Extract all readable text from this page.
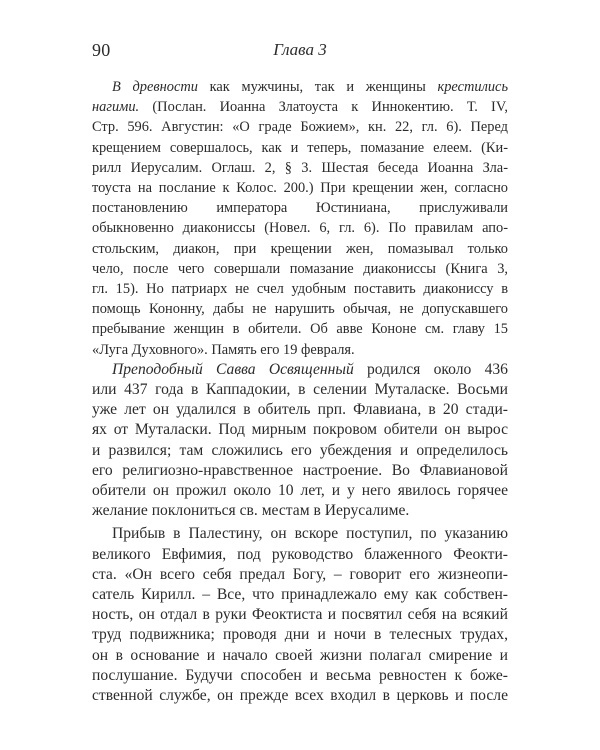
90	Глава 3
В древности как мужчины, так и женщины крестились
нагими. (Послан. Иоанна Златоуста к Иннокентию. Т. IV,
Стр. 596. Августин: «О граде Божием», кн. 22, гл. 6). Перед
крещением совершалось, как и теперь, помазание елеем. (Ки-
рилл Иерусалим. Оглаш. 2, § 3. Шестая беседа Иоанна Зла-
тоуста на послание к Колос. 200.) При крещении жен, согласно
постановлению императора Юстиниана, прислуживали
обыкновенно диакониссы (Новел. 6, гл. 6). По правилам апо-
стольским, диакон, при крещении жен, помазывал только
чело, после чего совершали помазание диакониссы (Книга 3,
гл. 15). Но патриарх не счел удобным поставить диакониссу в
помощь Кононну, дабы не нарушить обычая, не допускавшего
пребывание женщин в обители. Об авве Кононе см. главу 15
«Луга Духовного». Память его 19 февраля.
Преподобный Савва Освященный родился около 436
или 437 года в Каппадокии, в селении Муталаске. Восьми
уже лет он удалился в обитель прп. Флавиана, в 20 стади-
ях от Муталаски. Под мирным покровом обители он вырос
и развился; там сложились его убеждения и определилось
его религиозно-нравственное настроение. Во Флавиановой
обители он прожил около 10 лет, и у него явилось горячее
желание поклониться св. местам в Иерусалиме.
Прибыв в Палестину, он вскоре поступил, по указанию
великого Евфимия, под руководство блаженного Феокти-
ста. «Он всего себя предал Богу, – говорит его жизнеопи-
сатель Кирилл. – Все, что принадлежало ему как собствен-
ность, он отдал в руки Феоктиста и посвятил себя на всякий
труд подвижника; проводя дни и ночи в телесных трудах,
он в основание и начало своей жизни полагал смирение и
послушание. Будучи способен и весьма ревностен к боже-
ственной службе, он прежде всех входил в церковь и после
